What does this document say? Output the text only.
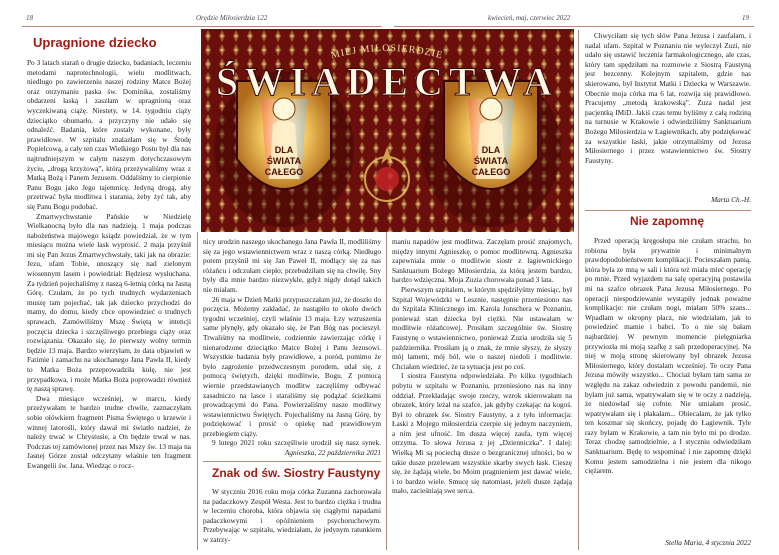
18	Orędzie Miłosierdzia 122	kwiecień, maj, czerwiec 2022	19
Upragnione dziecko

Po 3 latach starań o drugie dziecko, badaniach, leczeniu metodami naprotechnologii, wielu modlitwach, niedługo po zawierzeniu naszej rodziny Matce Bożej oraz otrzymaniu paska św. Dominika, zostaliśmy obdarzeni łaską i zaszłam w upragnioną oraz wyczekiwaną ciążę. Niestety, w 14. tygodniu ciąży dzieciątko obumarło, a przyczyny nie udało się odnaleźć. Badania, które zostały wykonane, były prawidłowe. W szpitalu znalazłam się w Środę Popielcową, a cały ten czas Wielkiego Postu był dla nas najtrudniejszym w całym naszym dotychczasowym życiu, „drogą krzyżową”, którą przeżywaliśmy wraz z Matką Bożą i Panem Jezusem. Oddaliśmy to cierpienie Panu Bogu jako Jego tajemnicę. Jedyną drogą, aby przetrwać była modlitwa i starania, żeby żyć tak, aby się Panu Bogu podobać.

Zmartwychwstanie Pańskie w Niedzielę Wielkanocną było dla nas nadzieją. 1 maja podczas nabożeństwa majowego ksiądz powiedział, że w tym miesiącu można wiele łask wyprosić. 2 maja przyśnił mi się Pan Jezus Zmartwychwstały, taki jak na obrazie: Jezu, ufam Tobie, unoszący się nad zielonym wiosennym lasem i powiedział: Będziesz wysłuchana. Za tydzień pojechaliśmy z naszą 6-letnią córką na Jasną Górę. Czułam, że po tych trudnych wydarzeniach muszę tam pojechać, tak jak dziecko przychodzi do mamy, do domu, kiedy chce opowiedzieć o trudnych sprawach. Zamówiliśmy Mszę Świętą w intencji poczęcia dziecka i szczęśliwego przebiegu ciąży oraz rozwiązania. Okazało się, że pierwszy wolny termin będzie 13 maja. Bardzo wierzyłam, że data objawień w Fatimie i zamachu na ukochanego Jana Pawła II, kiedy to Matka Boża przeprowadziła kulę, nie jest przypadkowa, i może Matka Boża poprowadzi również tę naszą sprawę.

Dwa miesiące wcześniej, w marcu, kiedy przeżywałam te bardzo trudne chwile, zaznaczyłam sobie ołówkiem fragment Pisma Świętego o krzewie i winnej latorośli, który dawał mi światło nadziei, że należy trwać w Chrystusie, a On będzie trwał w nas. Podczas tej zamówionej przez nas Mszy św. 13 maja na Jasnej Górze został odczytany właśnie ten fragment Ewangelii św. Jana. Wiedząc o rocz-

MIEJ MIŁOSIERDZIE
ŚWIADECTWA
DLA
ŚWIATA
CAŁEGO
DLA
ŚWIATA
CAŁEGO

nicy urodzin naszego ukochanego Jana Pawła II, modliliśmy się za jego wstawiennictwem wraz z naszą córką. Niedługo potem przyśnił mi się Jan Paweł II, modlący się za nas różańcu i odczułam ciepło; przebudziłam się na chwilę. Sny były dla mnie bardzo niezwykłe, gdyż nigdy dotąd takich nie miałam.

26 maja w Dzień Matki przypuszczałam już, że doszło do poczęcia. Możemy zakładać, że nastąpiło to około dwóch tygodni wcześniej, czyli właśnie 13 maja. Łzy wzruszenia same płynęły, gdy okazało się, że Pan Bóg nas pocieszył. Trwaliśmy na modlitwie, codziennie zawierzając córkę i nienarodzone dzieciątko Matce Bożej i Panu Jezusowi. Wszystkie badania były prawidłowe, a poród, pomimo że było zagrożenie przedwczesnym porodem, udał się, z pomocą świętych, dzięki modlitwie, Bogu. Z pomocą wiernie przedstawianych modlitw zaczęliśmy odbywać zasadniczo na lasce i staraliśmy się podążać ścieżkami prowadzącymi do Pana. Powierzaliśmy nasze modlitwy wstawiennictwu Świętych. Pojechaliśmy na Jasną Górę, by podziękować i prosić o opiekę nad prawidłowym przebiegiem ciąży.

9 lutego 2021 roku szczęśliwie urodził się nasz synek.

Agnieszka, 22 października 2021

Znak od św. Siostry Faustyny

W styczniu 2016 roku moja córka Zuzanna zachorowała na padaczkowy Zespół Westa. Jest to bardzo ciężka i trudna w leczeniu choroba, która objawia się ciągłymi napadami padaczkowymi i opóźnieniem psychoruchowym. Przebywając w szpitalu, wiedziałam, że jedynym ratunkiem w zatrzy-

maniu napadów jest modlitwa. Zaczęłam prosić znajomych, między innymi Agnieszkę, o pomoc modlitewną. Agnieszka zapewniała mnie o modlitwie siostr z łagiewnickiego Sanktuarium Bożego Miłosierdzia, za którą jestem bardzo, bardzo wdzięczna. Moja Zuzia chorowała ponad 3 lata.

Pierwszym szpitalem, w którym spędziłyśmy miesiąc, był Szpital Wojewódzki w Lesznie, następnie przeniesiono nas do Szpitala Klinicznego im. Karola Jonschera w Poznaniu, ponieważ stan dziecka był ciężki. Nie ustawałam w modlitwie różańcowej. Prosiłam szczególnie św. Siostrę Faustynę o wstawiennictwo, ponieważ Zuzia urodziła się 5 października. Prosiłam ją o znak, że mnie słyszy, że słyszy mój lament, mój ból, wie o naszej niedoli i modlitwie. Chciałam wiedzieć, że ta sytuacja jest po coś.

I siostra Faustyna odpowiedziała. Po kilku tygodniach pobytu w szpitalu w Poznaniu, przeniesiono nas na inny oddział. Przekładając swoje rzeczy, wzrok skierowałam na obrazek, który leżał na szafce, jak gdyby czekając na kogoś. Był to obrazek św. Siostry Faustyny, a z tyłu informacja: Łaski z Mojego miłosierdzia czerpie się jednym naczyniem, a nim jest ufność. Im dusza więcej zaufa, tym więcej otrzyma. To słowa Jezusa z jej „Dzienniczka”. I dalej: Wielką Mi są pociechą dusze o bezgranicznej ufności, bo w takie dusze przelewam wszystkie skarby swych łask. Cieszę się, że żądają wiele, bo Moim pragnieniem jest dawać wiele, i to bardzo wiele. Smucę się natomiast, jeżeli dusze żądają mało, zacieśniają swe serca.

Chwyciłam się tych słów Pana Jezusa i zaufałam, i nadal ufam. Szpital w Poznaniu nie wyleczył Zuzi, nie udało się ustawić leczenia farmakologicznego, ale czas, który tam spędziłam na rozmowie z Siostrą Faustyną jest bezcenny. Kolejnym szpitalem, gdzie nas skierowano, był Instytut Matki i Dziecka w Warszawie. Obecnie moja córka ma 6 lat, rozwija się prawidłowo. Pracujemy „metodą krakowską”. Zuza nadal jest pacjentką IMiD. Jakiś czas temu byliśmy z całą rodziną na turnusie w Krakowie i odwiedziliśmy Sanktuarium Bożego Miłosierdzia w Łagiewnikach, aby podziękować za wszystkie łaski, jakie otrzymaliśmy od Jezusa Miłosiernego i przez wstawiennictwo św. Siostry Faustyny.

Marta Ch.-H.

Nie zapomnę

Przed operacją kręgosłupa nie czułam strachu, bo robiona była prywatnie i minimalnym prawdopodobieństwem komplikacji. Pocieszałam panią, która była ze mną w sali i która też miała mieć operację po mnie. Przed wyjazdem na salę operacyjną postawiła mi na szafce obrazek Pana Jezusa Miłosiernego. Po operacji niespodziewanie wystąpiły jednak poważne komplikacje: nie czułam nogi, miałam 50% szans... Wpadłam w okropny płacz, nie wiedziałam, jak to powiedzieć mamie i babci. To o nie się bałam najbardziej. W pewnym momencie pielęgniarka przywiozła mi moją szafkę z sali przedoperacyjnej. Na niej w moją stronę skierowany był obrazek Jezusa Miłosiernego, który dostałam wcześniej. Te oczy Pana Jezusa mówiły wszystko... Chociaż byłam tam sama ze względu na zakaz odwiedzin z powodu pandemii, nie byłam już sama, wpatrywałam się w te oczy z nadzieją, że niedowład się cofnie. Nie umiałam prosić, wpatrywałam się i płakałam... Obiecałam, że jak tylko ten koszmar się skończy, pojadę do Łagiewnik. Tyle razy byłam w Krakowie, a tam nie było mi po drodze. Teraz chodzę samodzielnie, a I styczniu odwiedziłam Sanktuarium. Będę to wspominać i nie zapomnę dzięki Komu jestem samodzielna i nie jestem dla nikogo ciężarem.

Stella Maria, 4 stycznia 2022
